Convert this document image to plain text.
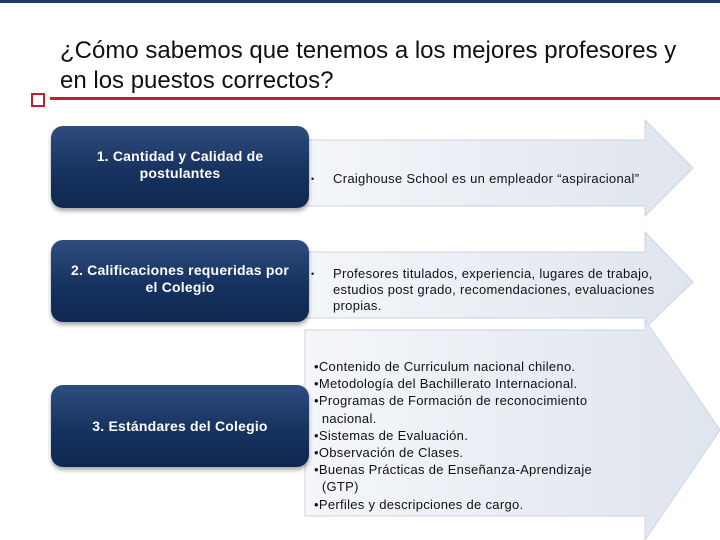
¿Cómo sabemos que tenemos a los mejores profesores y en los puestos correctos?
1. Cantidad y Calidad de postulantes
2. Calificaciones requeridas por el Colegio
3. Estándares del Colegio
• Craighouse School es un empleador “aspiracional”
• Profesores titulados, experiencia, lugares de trabajo, estudios post grado, recomendaciones, evaluaciones propias.
•Contenido de Curriculum nacional chileno.
•Metodología del Bachillerato Internacional.
•Programas de Formación de reconocimiento
nacional.
•Sistemas de Evaluación.
•Observación de Clases.
•Buenas Prácticas de Enseñanza-Aprendizaje
(GTP)
•Perfiles y descripciones de cargo.
